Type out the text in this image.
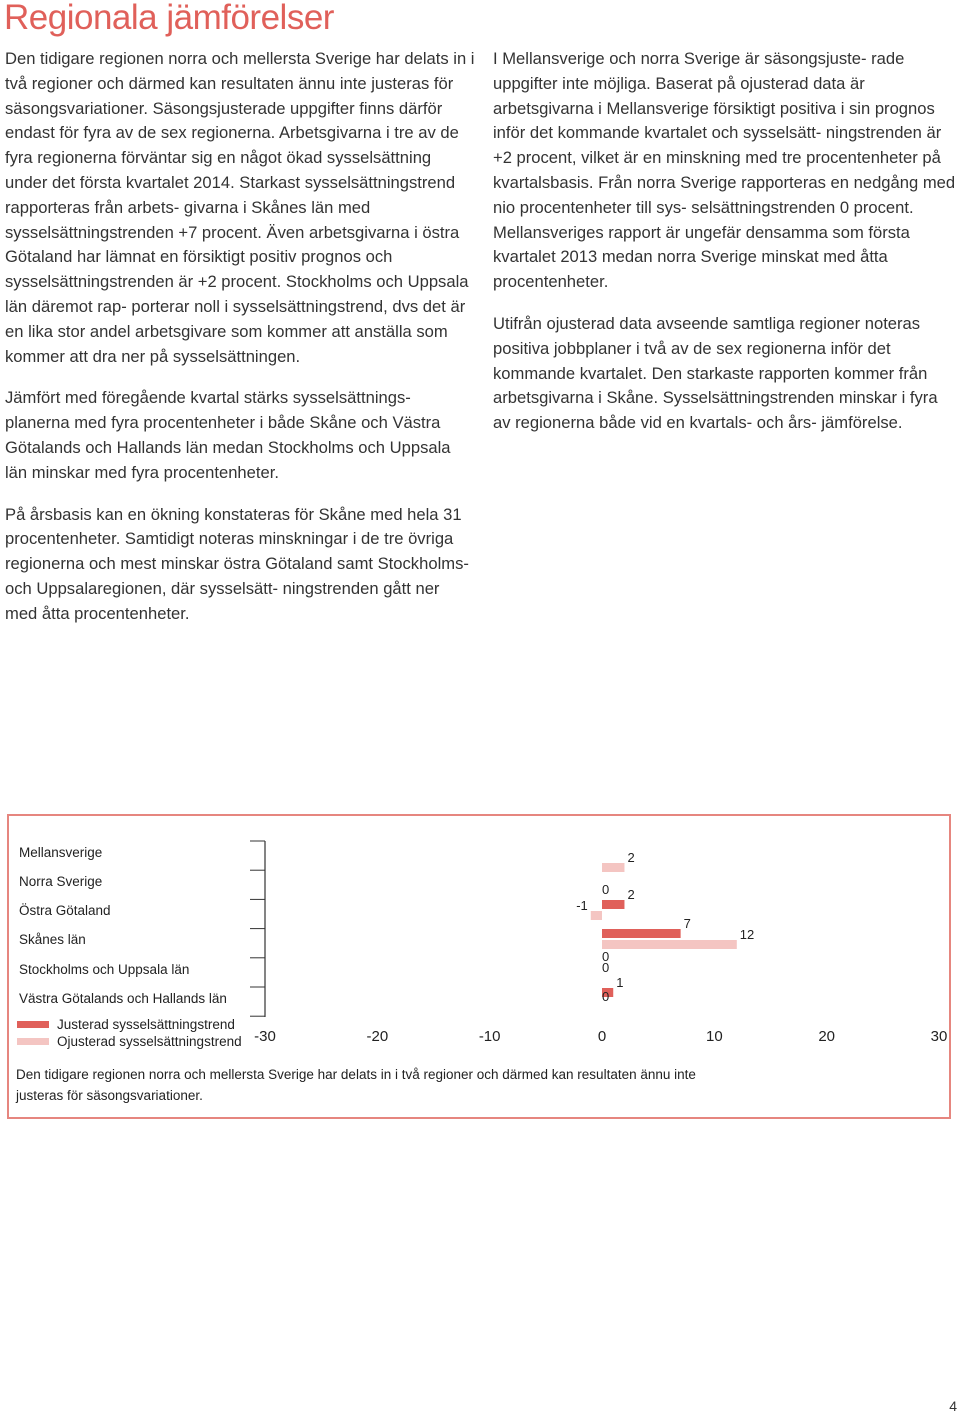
Regionala jämförelser

Den tidigare regionen norra och mellersta Sverige har delats in i två regioner och därmed kan resultaten ännu inte justeras för säsongsvariationer. Säsongsjusterade uppgifter finns därför endast för fyra av de sex regionerna. Arbetsgivarna i tre av de fyra regionerna förväntar sig en något ökad sysselsättning under det första kvartalet 2014. Starkast sysselsättningstrend rapporteras från arbets- givarna i Skånes län med sysselsättningstrenden +7 procent. Även arbetsgivarna i östra Götaland har lämnat en försiktigt positiv prognos och sysselsättningstrenden är +2 procent. Stockholms och Uppsala län däremot rap- porterar noll i sysselsättningstrend, dvs det är en lika stor andel arbetsgivare som kommer att anställa som kommer att dra ner på sysselsättningen.

Jämfört med föregående kvartal stärks sysselsättnings- planerna med fyra procentenheter i både Skåne och Västra Götalands och Hallands län medan Stockholms och Uppsala län minskar med fyra procentenheter.

På årsbasis kan en ökning konstateras för Skåne med hela 31 procentenheter. Samtidigt noteras minskningar i de tre övriga regionerna och mest minskar östra Götaland samt Stockholms- och Uppsalaregionen, där sysselsätt- ningstrenden gått ner med åtta procentenheter.

I Mellansverige och norra Sverige är säsongsjuste- rade uppgifter inte möjliga. Baserat på ojusterad data är arbetsgivarna i Mellansverige försiktigt positiva i sin prognos inför det kommande kvartalet och sysselsätt- ningstrenden är +2 procent, vilket är en minskning med tre procentenheter på kvartalsbasis. Från norra Sverige rapporteras en nedgång med nio procentenheter till sys- selsättningstrenden 0 procent. Mellansveriges rapport är ungefär densamma som första kvartalet 2013 medan norra Sverige minskat med åtta procentenheter.

Utifrån ojusterad data avseende samtliga regioner noteras positiva jobbplaner i två av de sex regionerna inför det kommande kvartalet. Den starkaste rapporten kommer från arbetsgivarna i Skåne. Sysselsättningstrenden minskar i fyra av regionerna både vid en kvartals- och års- jämförelse.

Mellansverige
Norra Sverige
Östra Götaland
Skånes län
Stockholms och Uppsala län
Västra Götalands och Hallands län
Justerad sysselsättningstrend
Ojusterad sysselsättningstrend -30	-20	-10	0	10	20	30
2
0 2
-1
7
12
0
0
1
0
Den tidigare regionen norra och mellersta Sverige har delats in i två regioner och därmed kan resultaten ännu inte justeras för säsongsvariationer.
4
